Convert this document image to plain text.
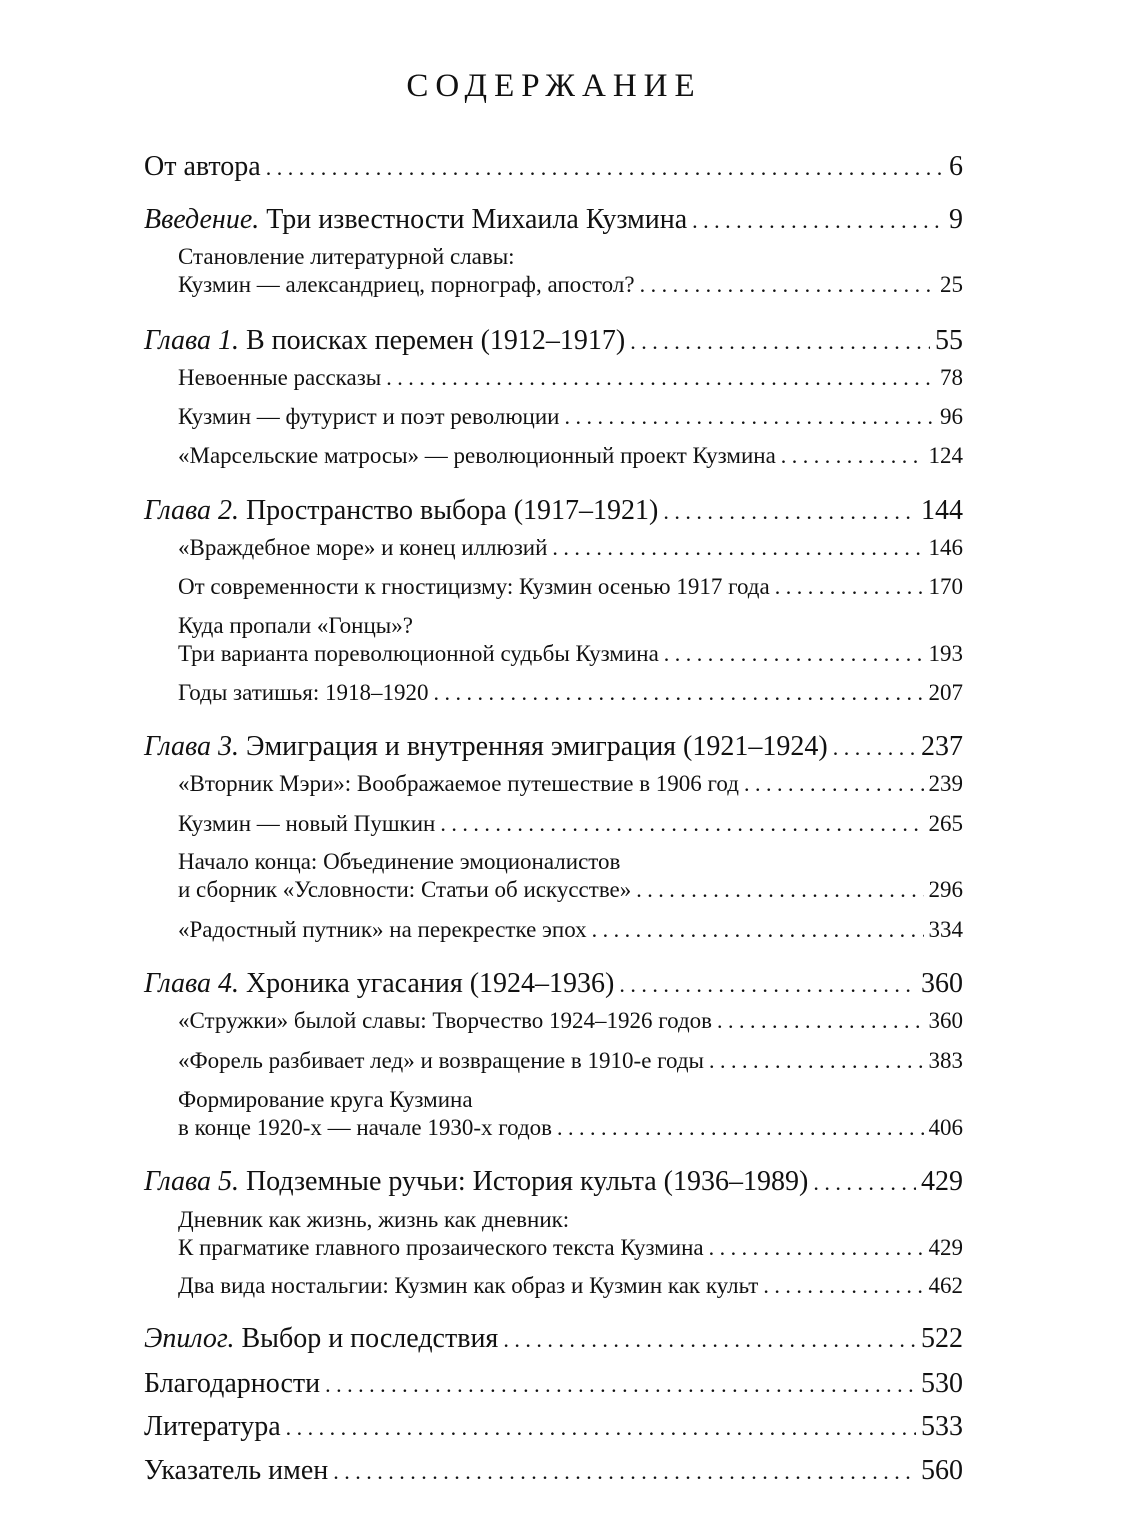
СОДЕРЖАНИЕ
От автора . . .	6
Введение. Три известности Михаила Кузмина . . .	9
Становление литературной славы:
Кузмин — александриец, порнограф, апостол? . . .	25
Глава 1. В поисках перемен (1912–1917) . . .	55
Невоенные рассказы . . .	78
Кузмин — футурист и поэт революции . . .	96
«Марсельские матросы» — революционный проект Кузмина . . .	124
Глава 2. Пространство выбора (1917–1921) . . .	144
«Враждебное море» и конец иллюзий . . .	146
От современности к гностицизму: Кузмин осенью 1917 года . . .	170
Куда пропали «Гонцы»?
Три варианта пореволюционной судьбы Кузмина . . .	193
Годы затишья: 1918–1920 . . .	207
Глава 3. Эмиграция и внутренняя эмиграция (1921–1924) . . .	237
«Вторник Мэри»: Воображаемое путешествие в 1906 год . . .	239
Кузмин — новый Пушкин . . .	265
Начало конца: Объединение эмоционалистов
и сборник «Условности: Статьи об искусстве» . . .	296
«Радостный путник» на перекрестке эпох . . .	334
Глава 4. Хроника угасания (1924–1936) . . .	360
«Стружки» былой славы: Творчество 1924–1926 годов . . .	360
«Форель разбивает лед» и возвращение в 1910-е годы . . .	383
Формирование круга Кузмина
в конце 1920-х — начале 1930-х годов . . .	406
Глава 5. Подземные ручьи: История культа (1936–1989) . . .	429
Дневник как жизнь, жизнь как дневник:
К прагматике главного прозаического текста Кузмина . . .	429
Два вида ностальгии: Кузмин как образ и Кузмин как культ . . .	462
Эпилог. Выбор и последствия . . .	522
Благодарности . . .	530
Литература . . .	533
Указатель имен . . .	560
